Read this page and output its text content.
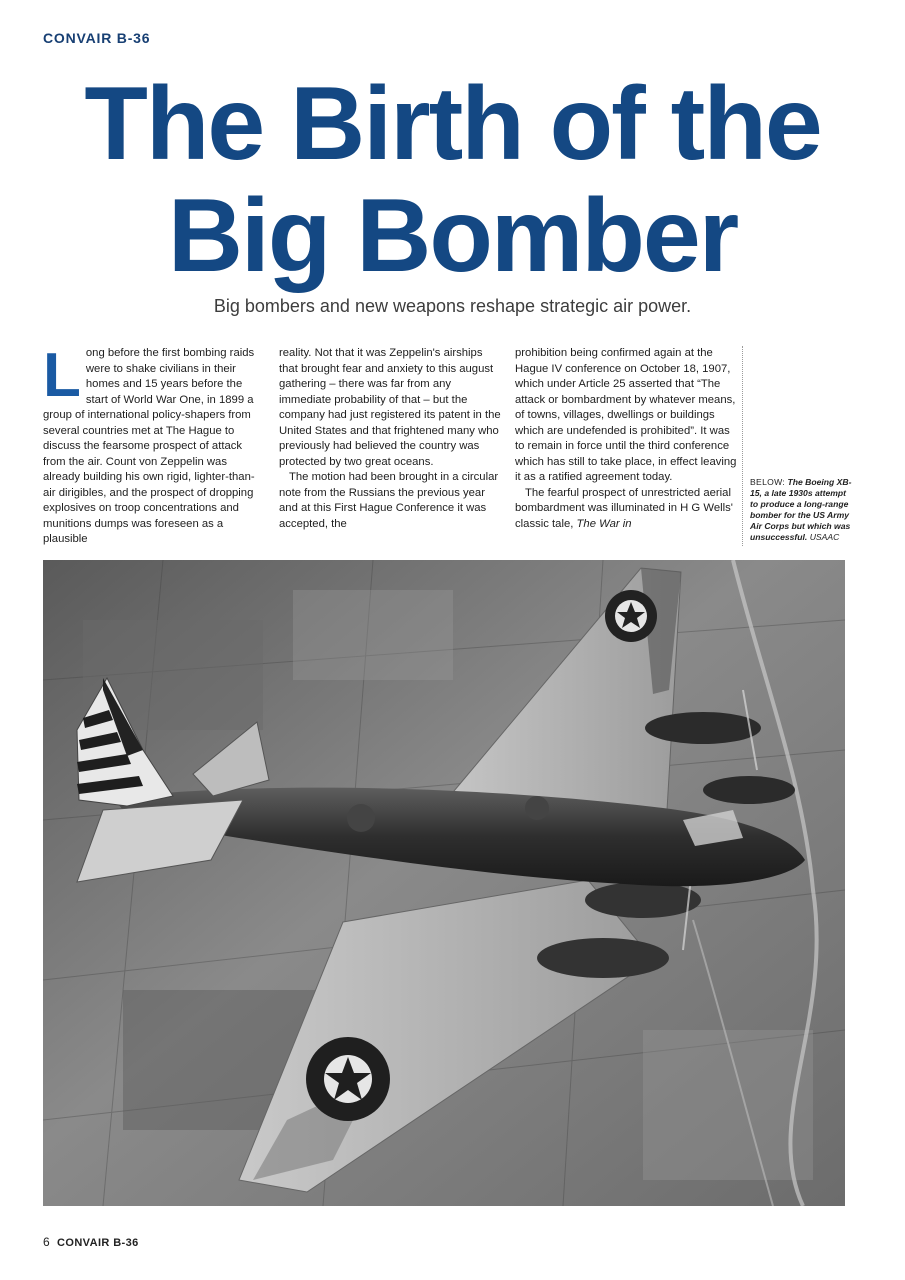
CONVAIR B-36
The Birth of the
Big Bomber
Big bombers and new weapons reshape strategic air power.

Long before the first bombing raids were to shake civilians in their homes and 15 years before the start of World War One, in 1899 a group of international policy-shapers from several countries met at The Hague to discuss the fearsome prospect of attack from the air. Count von Zeppelin was already building his own rigid, lighter-than-air dirigibles, and the prospect of dropping explosives on troop concentrations and munitions dumps was foreseen as a plausible

reality. Not that it was Zeppelin's airships that brought fear and anxiety to this august gathering – there was far from any immediate probability of that – but the company had just registered its patent in the United States and that frightened many who previously had believed the country was protected by two great oceans.

The motion had been brought in a circular note from the Russians the previous year and at this First Hague Conference it was accepted, the

prohibition being confirmed again at the Hague IV conference on October 18, 1907, which under Article 25 asserted that “The attack or bombardment by whatever means, of towns, villages, dwellings or buildings which are undefended is prohibited”. It was to remain in force until the third conference which has still to take place, in effect leaving it as a ratified agreement today.

The fearful prospect of unrestricted aerial bombardment was illuminated in H G Wells' classic tale, The War in

BELOW: The Boeing XB-15, a late 1930s attempt to produce a long-range bomber for the US Army Air Corps but which was unsuccessful. USAAC
6 CONVAIR B-36
